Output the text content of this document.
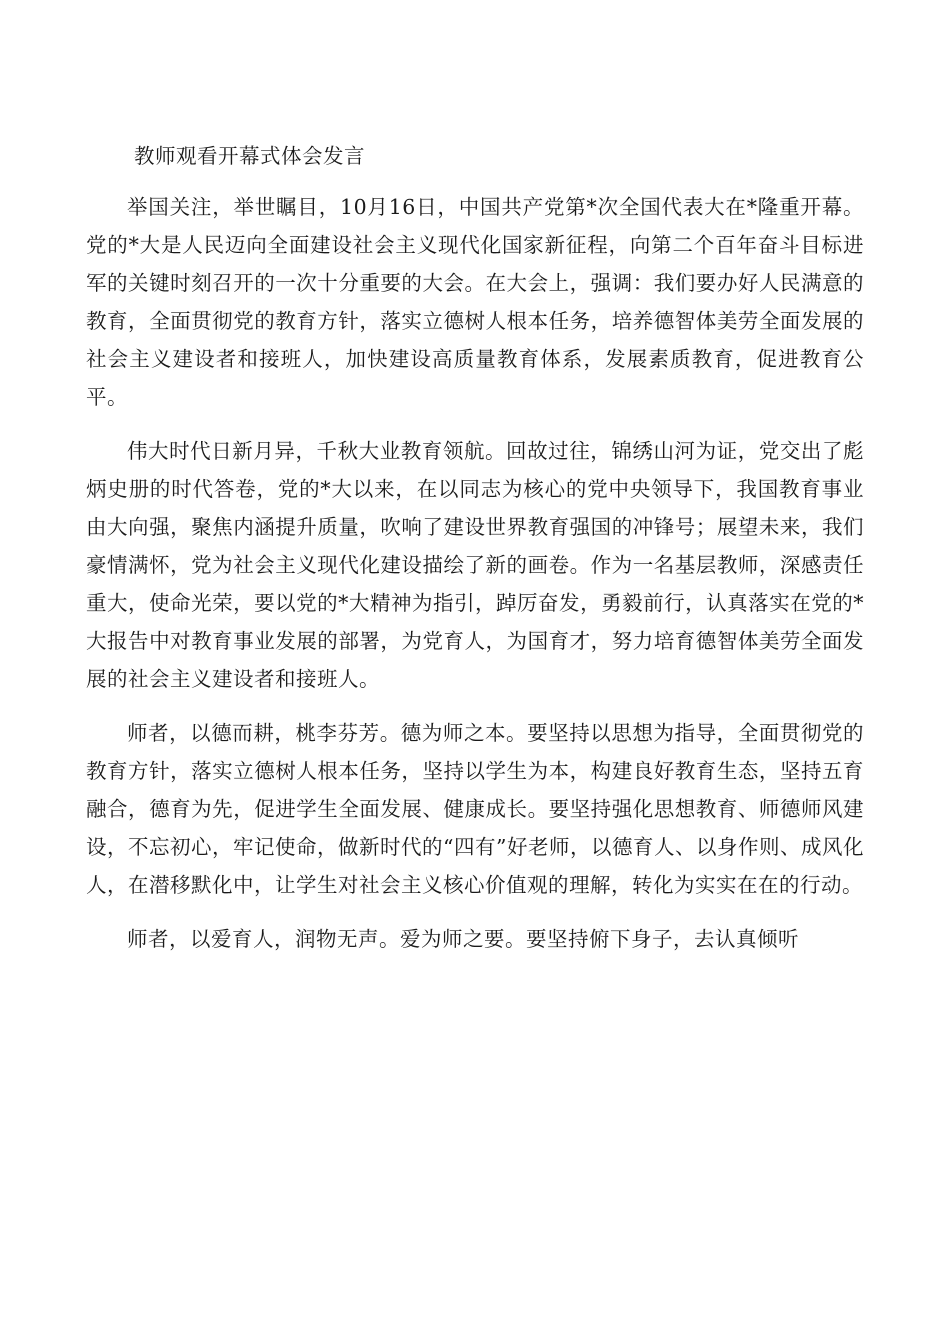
教师观看开幕式体会发言

举国关注，举世瞩目，10月16日，中国共产党第*次全国代表大在*隆重开幕。党的*大是人民迈向全面建设社会主义现代化国家新征程，向第二个百年奋斗目标进军的关键时刻召开的一次十分重要的大会。在大会上，强调：我们要办好人民满意的教育，全面贯彻党的教育方针，落实立德树人根本任务，培养德智体美劳全面发展的社会主义建设者和接班人，加快建设高质量教育体系，发展素质教育，促进教育公平。

伟大时代日新月异，千秋大业教育领航。回故过往，锦绣山河为证，党交出了彪炳史册的时代答卷，党的*大以来，在以同志为核心的党中央领导下，我国教育事业由大向强，聚焦内涵提升质量，吹响了建设世界教育强国的冲锋号；展望未来，我们豪情满怀，党为社会主义现代化建设描绘了新的画卷。作为一名基层教师，深感责任重大，使命光荣，要以党的*大精神为指引，踔厉奋发，勇毅前行，认真落实在党的*大报告中对教育事业发展的部署，为党育人，为国育才，努力培育德智体美劳全面发展的社会主义建设者和接班人。

师者，以德而耕，桃李芬芳。德为师之本。要坚持以思想为指导，全面贯彻党的教育方针，落实立德树人根本任务，坚持以学生为本，构建良好教育生态，坚持五育融合，德育为先，促进学生全面发展、健康成长。要坚持强化思想教育、师德师风建设，不忘初心，牢记使命，做新时代的“四有”好老师，以德育人、以身作则、成风化人，在潜移默化中，让学生对社会主义核心价值观的理解，转化为实实在在的行动。

师者，以爱育人，润物无声。爱为师之要。要坚持俯下身子，去认真倾听
